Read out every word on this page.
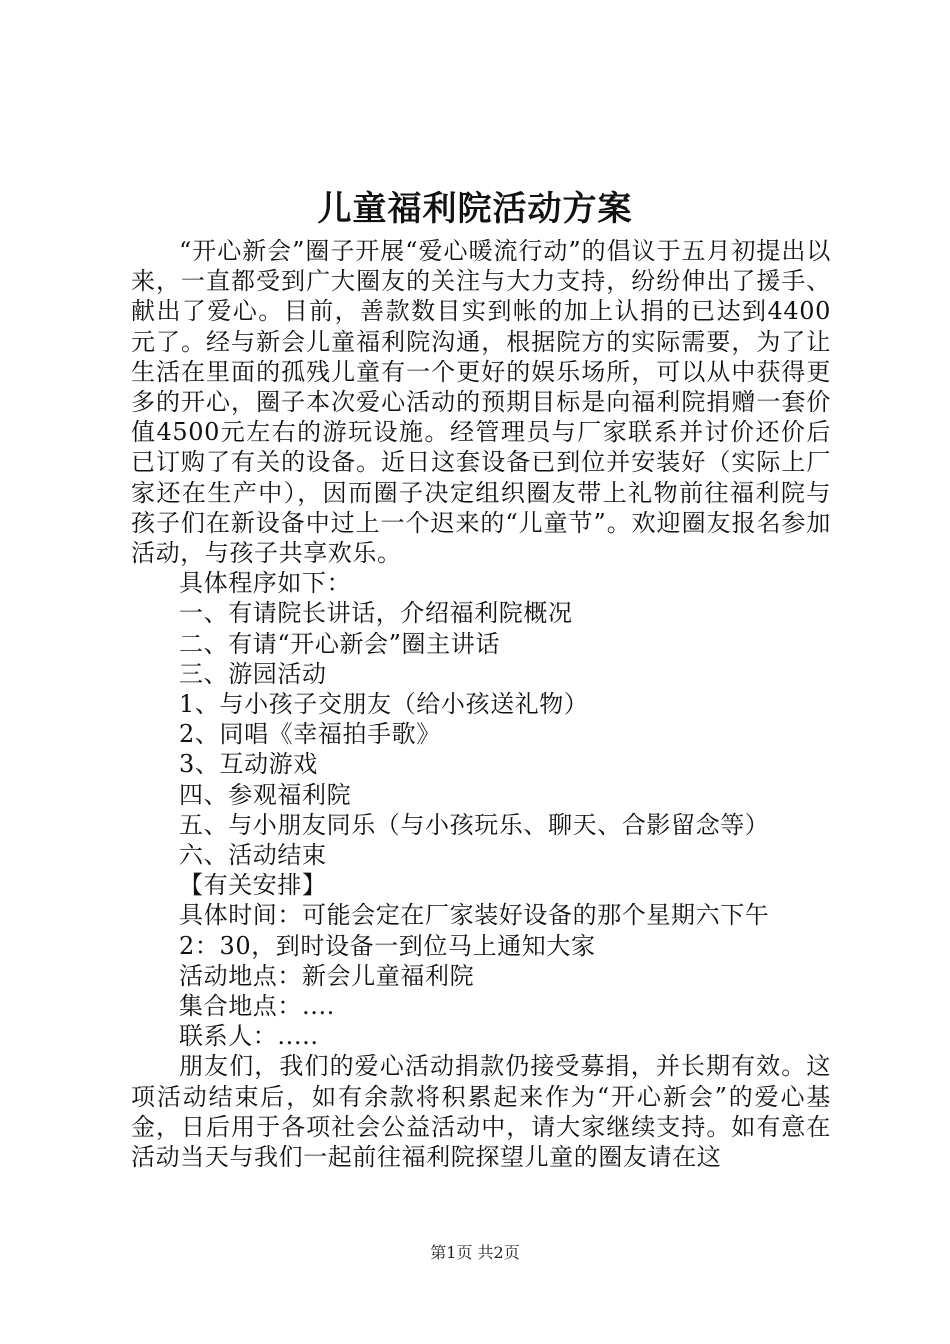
儿童福利院活动方案

“开心新会”圈子开展“爱心暖流行动”的倡议于五月初提出以来，一直都受到广大圈友的关注与大力支持，纷纷伸出了援手、献出了爱心。目前，善款数目实到帐的加上认捐的已达到4400元了。经与新会儿童福利院沟通，根据院方的实际需要，为了让生活在里面的孤残儿童有一个更好的娱乐场所，可以从中获得更多的开心，圈子本次爱心活动的预期目标是向福利院捐赠一套价值4500元左右的游玩设施。经管理员与厂家联系并讨价还价后已订购了有关的设备。近日这套设备已到位并安装好（实际上厂家还在生产中），因而圈子决定组织圈友带上礼物前往福利院与孩子们在新设备中过上一个迟来的“儿童节”。欢迎圈友报名参加活动，与孩子共享欢乐。

具体程序如下：

一、有请院长讲话，介绍福利院概况

二、有请“开心新会”圈主讲话

三、游园活动

1、与小孩子交朋友（给小孩送礼物）

2、同唱《幸福拍手歌》

3、互动游戏

四、参观福利院

五、与小朋友同乐（与小孩玩乐、聊天、合影留念等）

六、活动结束

【有关安排】

具体时间：可能会定在厂家装好设备的那个星期六下午

2：30，到时设备一到位马上通知大家

活动地点：新会儿童福利院

集合地点：....

联系人：.....

朋友们，我们的爱心活动捐款仍接受募捐，并长期有效。这项活动结束后，如有余款将积累起来作为“开心新会”的爱心基金，日后用于各项社会公益活动中，请大家继续支持。如有意在活动当天与我们一起前往福利院探望儿童的圈友请在这

第1页 共2页
